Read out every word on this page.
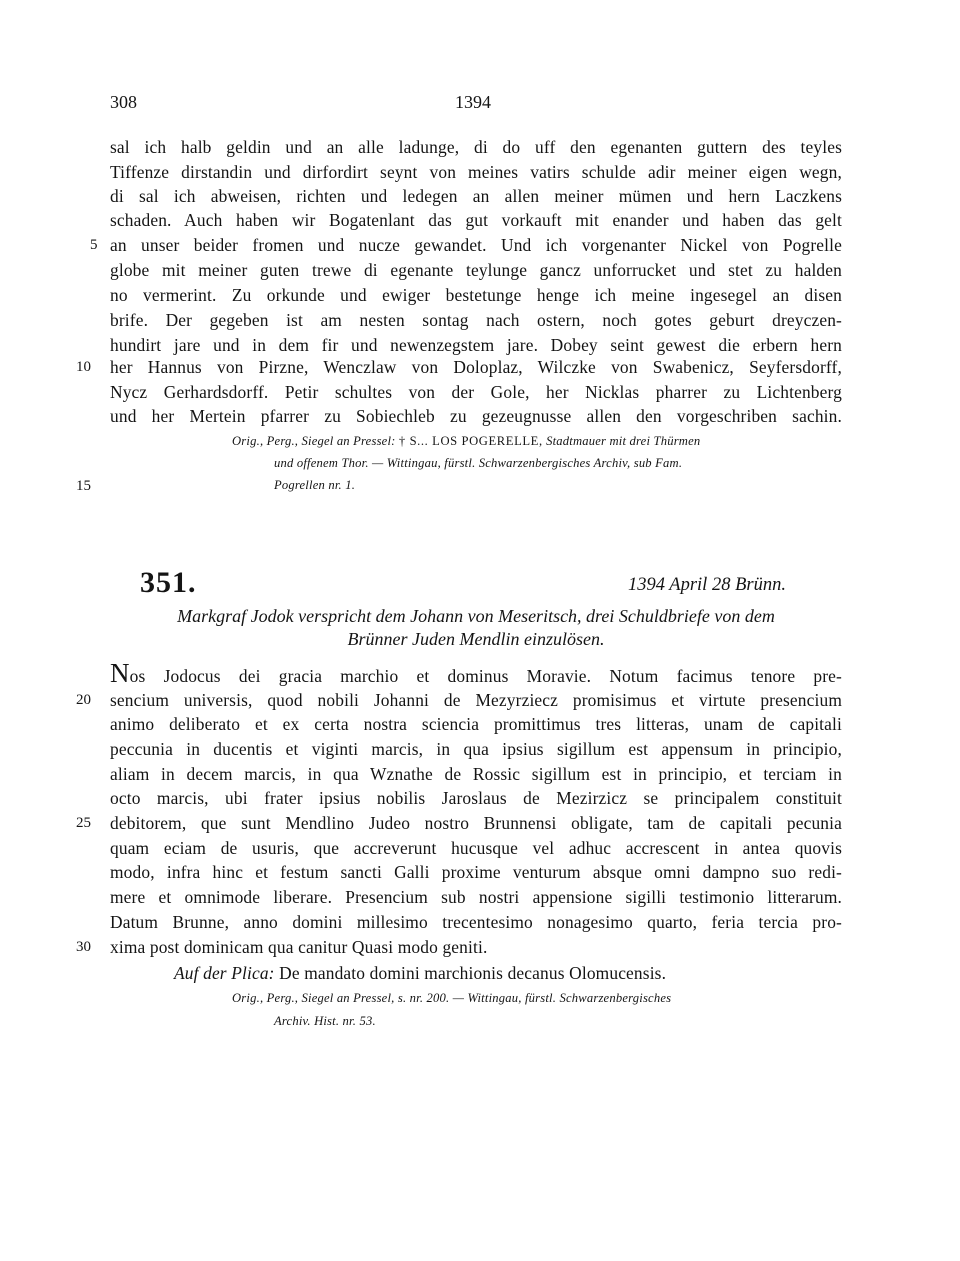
308	1394
sal ich halb geldin und an alle ladunge, di do uff den egenanten guttern des teyles
Tiffenze dirstandin und dirfordirt seynt von meines vatirs schulde adir meiner eigen wegn,
di sal ich abweisen, richten und ledegen an allen meiner mümen und hern Laczkens
schaden. Auch haben wir Bogatenlant das gut vorkauft mit enander und haben das gelt
an unser beider fromen und nucze gewandet. Und ich vorgenanter Nickel von Pogrelle
globe mit meiner guten trewe di egenante teylunge gancz unforrucket und stet zu halden
no vermerint. Zu orkunde und ewiger bestetunge henge ich meine ingesegel an disen
brife. Der gegeben ist am nesten sontag nach ostern, noch gotes geburt dreyczen-
hundirt jare und in dem fir und newenzegstem jare. Dobey seint gewest die erbern hern
her Hannus von Pirzne, Wenczlaw von Doloplaz, Wilczke von Swabenicz, Seyfersdorff,
Nycz Gerhardsdorff. Petir schultes von der Gole, her Nicklas pharrer zu Lichtenberg
und her Mertein pfarrer zu Sobiechleb zu gezeugnusse allen den vorgeschriben sachin.
Orig., Perg., Siegel an Pressel: † S... LOS POGERELLE, Stadtmauer mit drei Thürmen
und offenem Thor. — Wittingau, fürstl. Schwarzenbergisches Archiv, sub Fam.
Pogrellen nr. 1.
351.	1394 April 28 Brünn.
Markgraf Jodok verspricht dem Johann von Meseritsch, drei Schuldbriefe von dem
Brünner Juden Mendlin einzulösen.
Nos Jodocus dei gracia marchio et dominus Moravie. Notum facimus tenore pre-
sencium universis, quod nobili Johanni de Mezyrziecz promisimus et virtute presencium
animo deliberato et ex certa nostra sciencia promittimus tres litteras, unam de capitali
peccunia in ducentis et viginti marcis, in qua ipsius sigillum est appensum in principio,
aliam in decem marcis, in qua Wznathe de Rossic sigillum est in principio, et terciam in
octo marcis, ubi frater ipsius nobilis Jaroslaus de Mezirzicz se principalem constituit
debitorem, que sunt Mendlino Judeo nostro Brunnensi obligate, tam de capitali pecunia
quam eciam de usuris, que accreverunt hucusque vel adhuc accrescent in antea quovis
modo, infra hinc et festum sancti Galli proxime venturum absque omni dampno suo redi-
mere et omnimode liberare. Presencium sub nostri appensione sigilli testimonio litterarum.
Datum Brunne, anno domini millesimo trecentesimo nonagesimo quarto, feria tercia pro-
xima post dominicam qua canitur Quasi modo geniti.
Auf der Plica: De mandato domini marchionis decanus Olomucensis.
Orig., Perg., Siegel an Pressel, s. nr. 200. — Wittingau, fürstl. Schwarzenbergisches
Archiv. Hist. nr. 53.
5
10
15
20
25
30
